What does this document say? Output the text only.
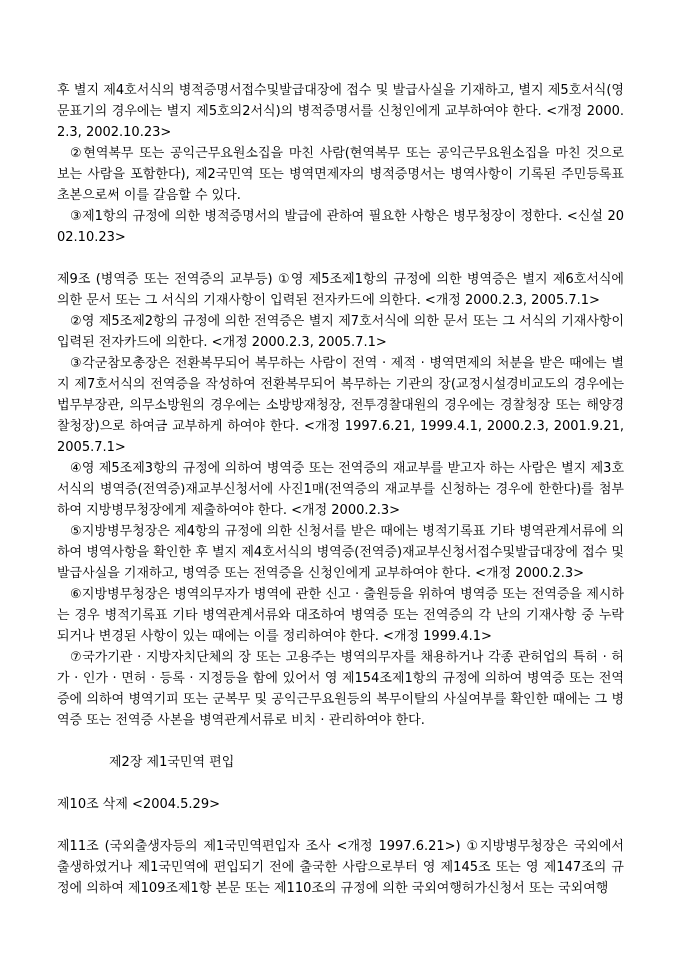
후 별지 제4호서식의 병적증명서접수및발급대장에 접수 및 발급사실을 기재하고, 별지 제5호서식(영문표기의 경우에는 별지 제5호의2서식)의 병적증명서를 신청인에게 교부하여야 한다. <개정 2000.2.3, 2002.10.23>
②현역복무 또는 공익근무요원소집을 마친 사람(현역복무 또는 공익근무요원소집을 마친 것으로 보는 사람을 포함한다), 제2국민역 또는 병역면제자의 병적증명서는 병역사항이 기록된 주민등록표초본으로써 이를 갈음할 수 있다.
③제1항의 규정에 의한 병적증명서의 발급에 관하여 필요한 사항은 병무청장이 정한다. <신설 2002.10.23>
제9조 (병역증 또는 전역증의 교부등) ①영 제5조제1항의 규정에 의한 병역증은 별지 제6호서식에 의한 문서 또는 그 서식의 기재사항이 입력된 전자카드에 의한다. <개정 2000.2.3, 2005.7.1>
②영 제5조제2항의 규정에 의한 전역증은 별지 제7호서식에 의한 문서 또는 그 서식의 기재사항이 입력된 전자카드에 의한다. <개정 2000.2.3, 2005.7.1>
③각군참모총장은 전환복무되어 복무하는 사람이 전역 · 제적 · 병역면제의 처분을 받은 때에는 별지 제7호서식의 전역증을 작성하여 전환복무되어 복무하는 기관의 장(교정시설경비교도의 경우에는 법무부장관, 의무소방원의 경우에는 소방방재청장, 전투경찰대원의 경우에는 경찰청장 또는 해양경찰청장)으로 하여금 교부하게 하여야 한다. <개정 1997.6.21, 1999.4.1, 2000.2.3, 2001.9.21, 2005.7.1>
④영 제5조제3항의 규정에 의하여 병역증 또는 전역증의 재교부를 받고자 하는 사람은 별지 제3호서식의 병역증(전역증)재교부신청서에 사진1매(전역증의 재교부를 신청하는 경우에 한한다)를 첨부하여 지방병무청장에게 제출하여야 한다. <개정 2000.2.3>
⑤지방병무청장은 제4항의 규정에 의한 신청서를 받은 때에는 병적기록표 기타 병역관계서류에 의하여 병역사항을 확인한 후 별지 제4호서식의 병역증(전역증)재교부신청서접수및발급대장에 접수 및 발급사실을 기재하고, 병역증 또는 전역증을 신청인에게 교부하여야 한다. <개정 2000.2.3>
⑥지방병무청장은 병역의무자가 병역에 관한 신고 · 출원등을 위하여 병역증 또는 전역증을 제시하는 경우 병적기록표 기타 병역관계서류와 대조하여 병역증 또는 전역증의 각 난의 기재사항 중 누락되거나 변경된 사항이 있는 때에는 이를 정리하여야 한다. <개정 1999.4.1>
⑦국가기관 · 지방자치단체의 장 또는 고용주는 병역의무자를 채용하거나 각종 관허업의 특허 · 허가 · 인가 · 면허 · 등록 · 지정등을 함에 있어서 영 제154조제1항의 규정에 의하여 병역증 또는 전역증에 의하여 병역기피 또는 군복무 및 공익근무요원등의 복무이탈의 사실여부를 확인한 때에는 그 병역증 또는 전역증 사본을 병역관계서류로 비치 · 관리하여야 한다.
제2장 제1국민역 편입
제10조 삭제 <2004.5.29>
제11조 (국외출생자등의 제1국민역편입자 조사 <개정 1997.6.21>) ①지방병무청장은 국외에서 출생하였거나 제1국민역에 편입되기 전에 출국한 사람으로부터 영 제145조 또는 영 제147조의 규정에 의하여 제109조제1항 본문 또는 제110조의 규정에 의한 국외여행허가신청서 또는 국외여행
